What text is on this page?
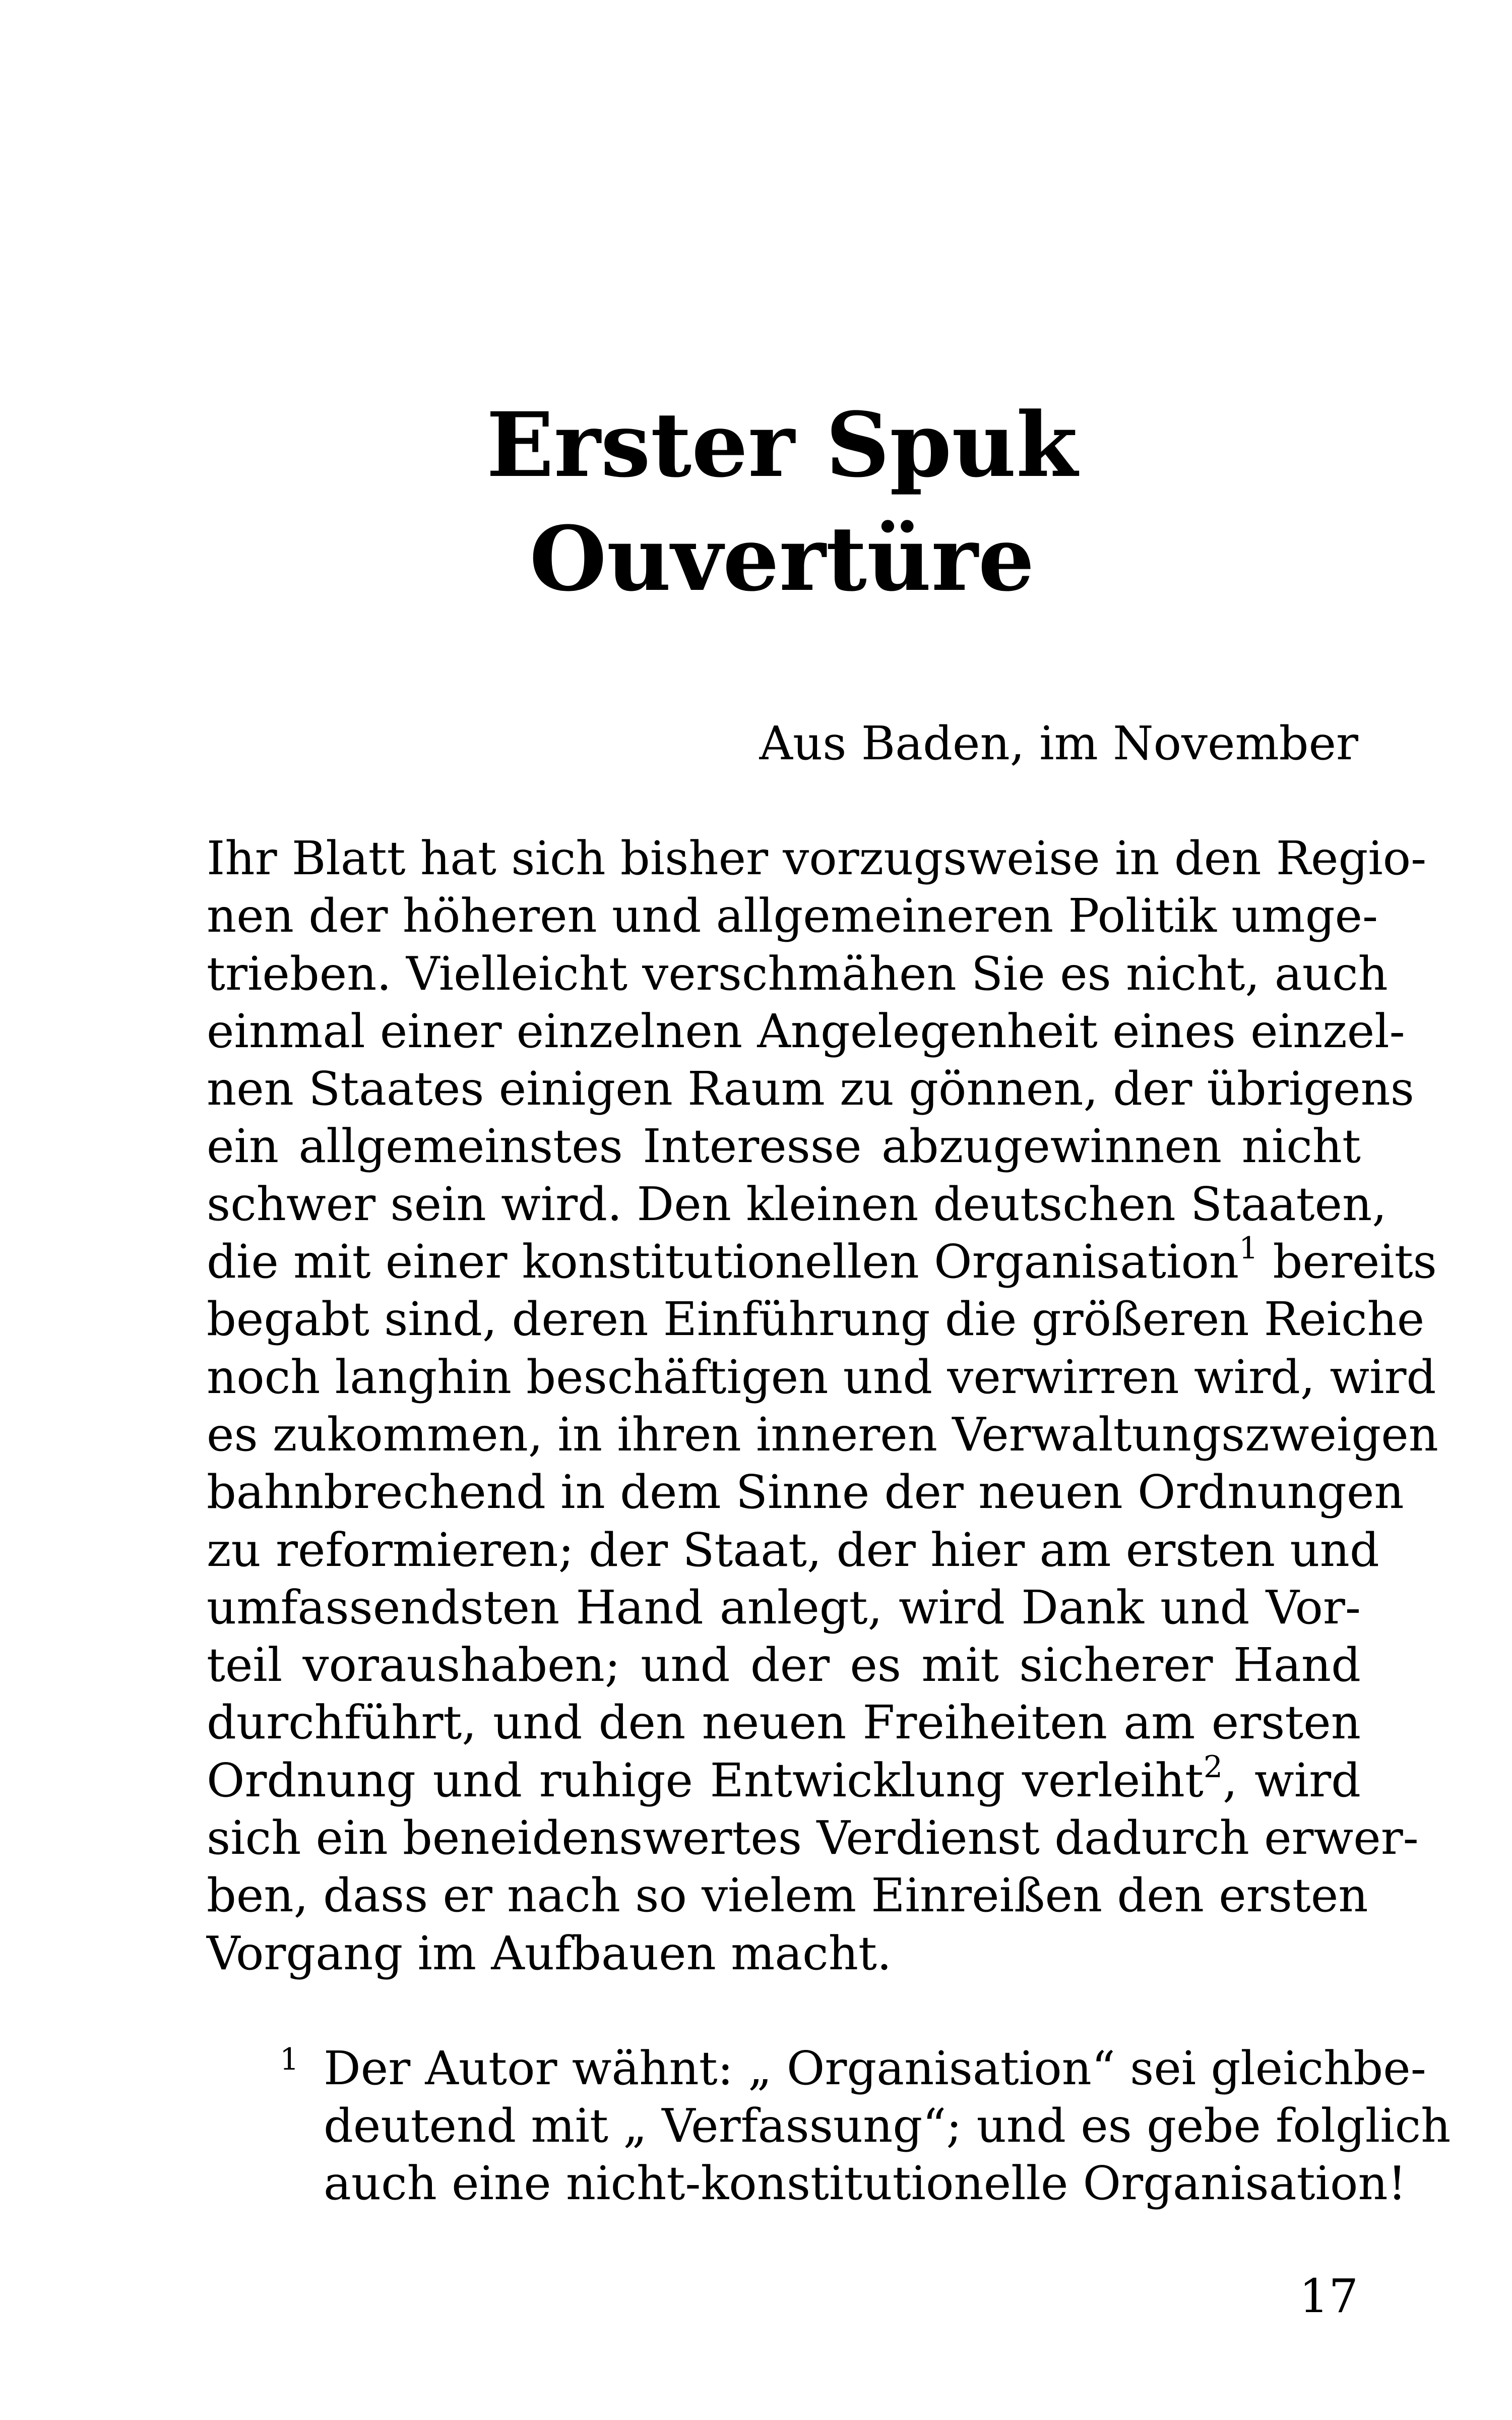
Erster Spuk
Ouvertüre

Aus Baden, im November

Ihr Blatt hat sich bisher vorzugsweise in den Regio-
nen der höheren und allgemeineren Politik umge-
trieben. Vielleicht verschmähen Sie es nicht, auch
einmal einer einzelnen Angelegenheit eines einzel-
nen Staates einigen Raum zu gönnen, der übrigens
ein allgemeinstes Interesse abzugewinnen nicht
schwer sein wird. Den kleinen deutschen Staaten,
die mit einer konstitutionellen Organisation$^1$ bereits
begabt sind, deren Einführung die größeren Reiche
noch langhin beschäftigen und verwirren wird, wird
es zukommen, in ihren inneren Verwaltungszweigen
bahnbrechend in dem Sinne der neuen Ordnungen
zu reformieren; der Staat, der hier am ersten und
umfassendsten Hand anlegt, wird Dank und Vor-
teil voraushaben; und der es mit sicherer Hand
durchführt, und den neuen Freiheiten am ersten
Ordnung und ruhige Entwicklung verleiht$^2$, wird
sich ein beneidenswertes Verdienst dadurch erwer-
ben, dass er nach so vielem Einreißen den ersten
Vorgang im Aufbauen macht.
1 Der Autor wähnt: „ Organisation“ sei gleichbe-
deutend mit „ Verfassung“; und es gebe folglich
auch eine nicht-konstitutionelle Organisation!
17
